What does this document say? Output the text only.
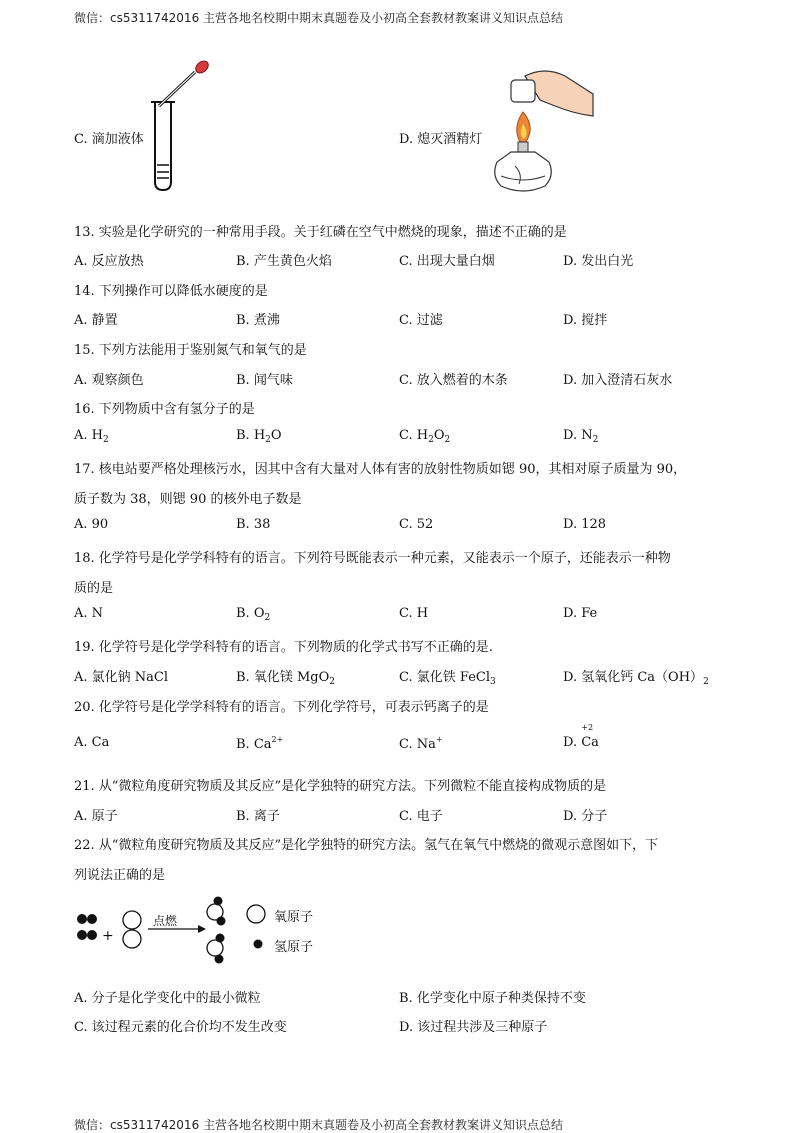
微信：cs5311742016 主营各地名校期中期末真题卷及小初高全套教材教案讲义知识点总结
C. 滴加液体	D. 熄灭酒精灯
13. 实验是化学研究的一种常用手段。关于红磷在空气中燃烧的现象，描述不正确的是
A. 反应放热	B. 产生黄色火焰	C. 出现大量白烟	D. 发出白光
14. 下列操作可以降低水硬度的是
A. 静置	B. 煮沸	C. 过滤	D. 搅拌
15. 下列方法能用于鉴别氮气和氧气的是
A. 观察颜色	B. 闻气味	C. 放入燃着的木条	D. 加入澄清石灰水
16. 下列物质中含有氢分子的是
A. $H_2$	B. $H_2O$	C. $H_2O_2$	D. $N_2$
17. 核电站要严格处理核污水，因其中含有大量对人体有害的放射性物质如锶 90，其相对原子质量为 90，
质子数为 38，则锶 90 的核外电子数是
A. 90	B. 38	C. 52	D. 128
18. 化学符号是化学学科特有的语言。下列符号既能表示一种元素，又能表示一个原子，还能表示一种物
质的是
A. N	B. $O_2$	C. H	D. Fe
19. 化学符号是化学学科特有的语言。下列物质的化学式书写不正确的是.
A. 氯化钠 NaCl	B. 氧化镁 MgO$_2$	C. 氯化铁 FeCl$_3$	D. 氢氧化钙 $Ca(OH)_2$
20. 化学符号是化学学科特有的语言。下列化学符号，可表示钙离子的是
A. Ca	B. $Ca^{2+}$	C. Na+	D.
+2
Ca
21. 从“微粒角度研究物质及其反应”是化学独特的研究方法。下列微粒不能直接构成物质的是
A. 原子	B. 离子	C. 电子	D. 分子
22. 从“微粒角度研究物质及其反应”是化学独特的研究方法。氢气在氧气中燃烧的微观示意图如下，下
列说法正确的是
+
点燃	氧原子
氢原子
A. 分子是化学变化中的最小微粒	B. 化学变化中原子种类保持不变
C. 该过程元素的化合价均不发生改变	D. 该过程共涉及三种原子
微信：cs5311742016 主营各地名校期中期末真题卷及小初高全套教材教案讲义知识点总结
